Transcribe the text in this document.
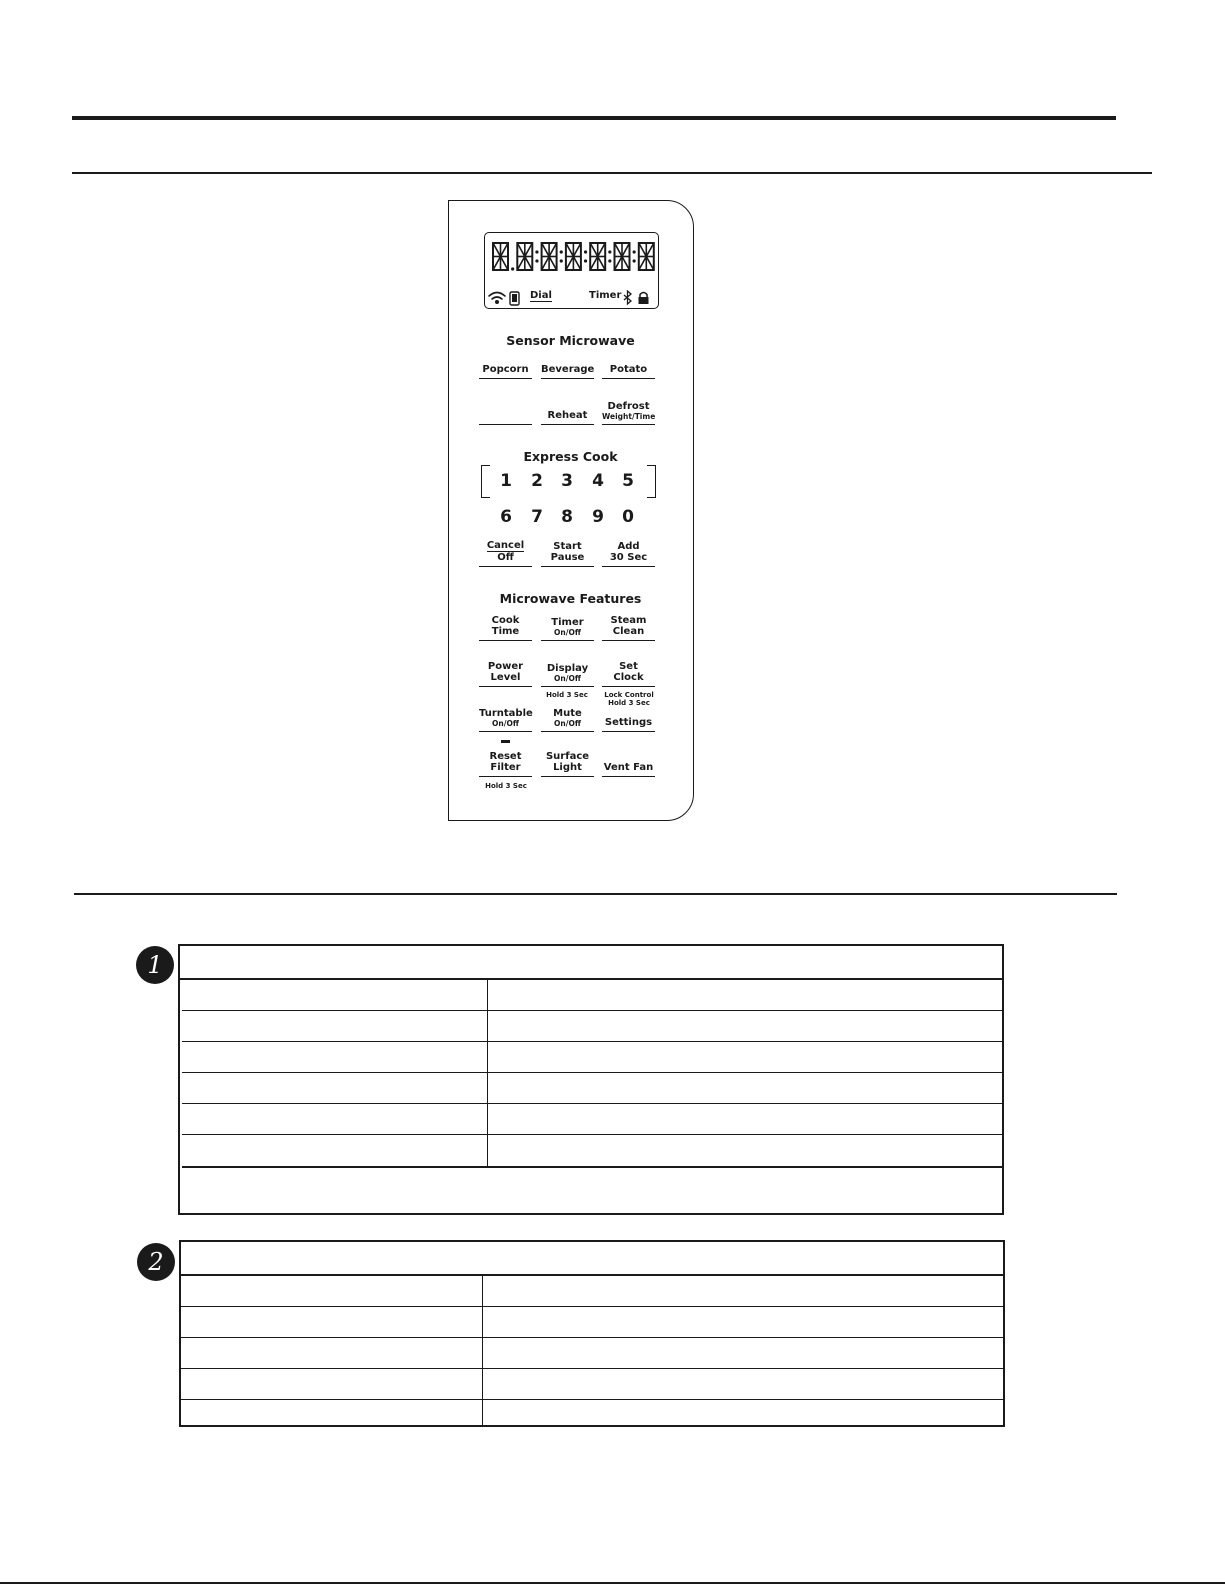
Dial	Timer
Sensor Microwave
Popcorn	Beverage	Potato
Reheat
Defrost
Weight/Time
Express Cook
1 2 3 4 5
6 7 8 9 0
Cancel
Off
Start
Pause
Add
30 Sec
Microwave Features
Cook
Time
Timer
On/Off
Steam
Clean
Power
Level
Display
On/Off
Set
Clock
Hold 3 Sec	Lock Control
Hold 3 Sec
Turntable
On/Off
Mute
On/Off	Settings
Reset
Filter
Surface
Light	Vent Fan
Hold 3 Sec
1
2
